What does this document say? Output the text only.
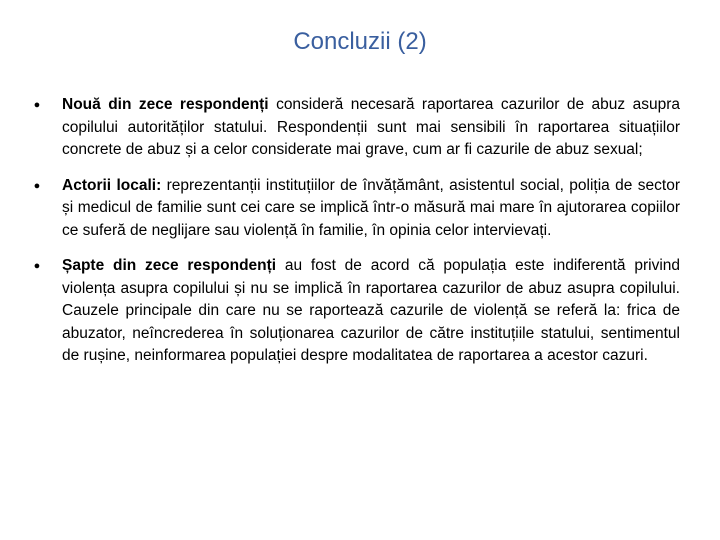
Concluzii (2)
● Nouă din zece respondenți consideră necesară raportarea cazurilor de abuz asupra copilului autorităților statului. Respondenții sunt mai sensibili în raportarea situațiilor concrete de abuz și a celor considerate mai grave, cum ar fi cazurile de abuz sexual;
● Actorii locali: reprezentanții instituțiilor de învățământ, asistentul social, poliția de sector și medicul de familie sunt cei care se implică într-o măsură mai mare în ajutorarea copiilor ce suferă de neglijare sau violență în familie, în opinia celor intervievați.
● Șapte din zece respondenți au fost de acord că populația este indiferentă privind violența asupra copilului și nu se implică în raportarea cazurilor de abuz asupra copilului. Cauzele principale din care nu se raportează cazurile de violență se referă la: frica de abuzator, neîncrederea în soluționarea cazurilor de către instituțiile statului, sentimentul de rușine, neinformarea populației despre modalitatea de raportarea a acestor cazuri.
